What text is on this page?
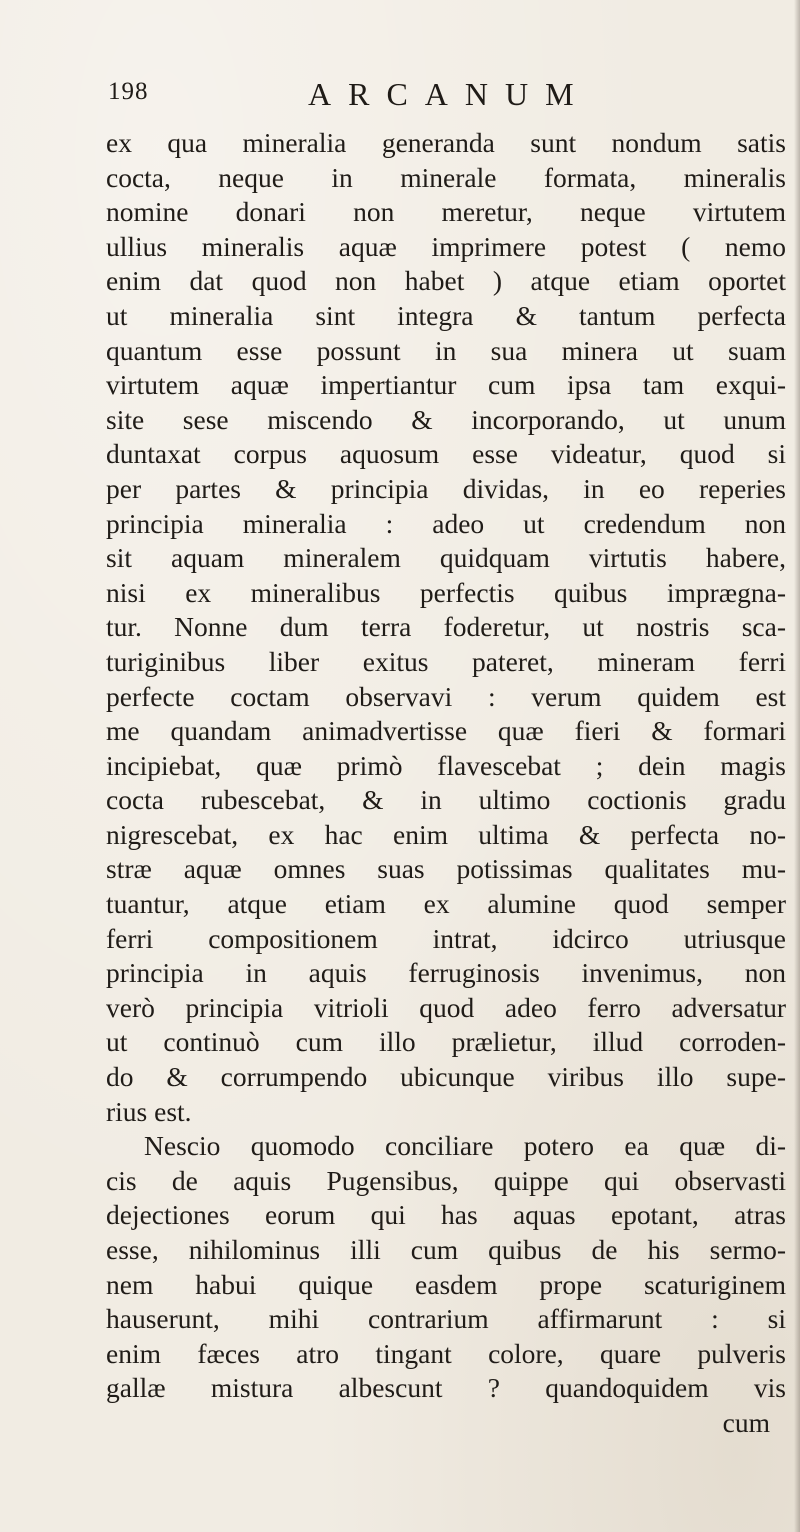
198	ARCANUM
ex qua mineralia generanda sunt nondum satis
cocta, neque in minerale formata, mineralis
nomine donari non meretur, neque virtutem
ullius mineralis aquæ imprimere potest ( nemo
enim dat quod non habet ) atque etiam oportet
ut mineralia sint integra & tantum perfecta
quantum esse possunt in sua minera ut suam
virtutem aquæ impertiantur cum ipsa tam exqui-
site sese miscendo & incorporando, ut unum
duntaxat corpus aquosum esse videatur, quod si
per partes & principia dividas, in eo reperies
principia mineralia : adeo ut credendum non
sit aquam mineralem quidquam virtutis habere,
nisi ex mineralibus perfectis quibus imprægna-
tur. Nonne dum terra foderetur, ut nostris sca-
turiginibus liber exitus pateret, mineram ferri
perfecte coctam observavi : verum quidem est
me quandam animadvertisse quæ fieri & formari
incipiebat, quæ primò flavescebat ; dein magis
cocta rubescebat, & in ultimo coctionis gradu
nigrescebat, ex hac enim ultima & perfecta no-
stræ aquæ omnes suas potissimas qualitates mu-
tuantur, atque etiam ex alumine quod semper
ferri compositionem intrat, idcirco utriusque
principia in aquis ferruginosis invenimus, non
verò principia vitrioli quod adeo ferro adversatur
ut continuò cum illo prælietur, illud corroden-
do & corrumpendo ubicunque viribus illo supe-
rius est.
Nescio quomodo conciliare potero ea quæ di-
cis de aquis Pugensibus, quippe qui observasti
dejectiones eorum qui has aquas epotant, atras
esse, nihilominus illi cum quibus de his sermo-
nem habui quique easdem prope scaturiginem
hauserunt, mihi contrarium affirmarunt : si
enim fæces atro tingant colore, quare pulveris
gallæ mistura albescunt ? quandoquidem vis
cum
